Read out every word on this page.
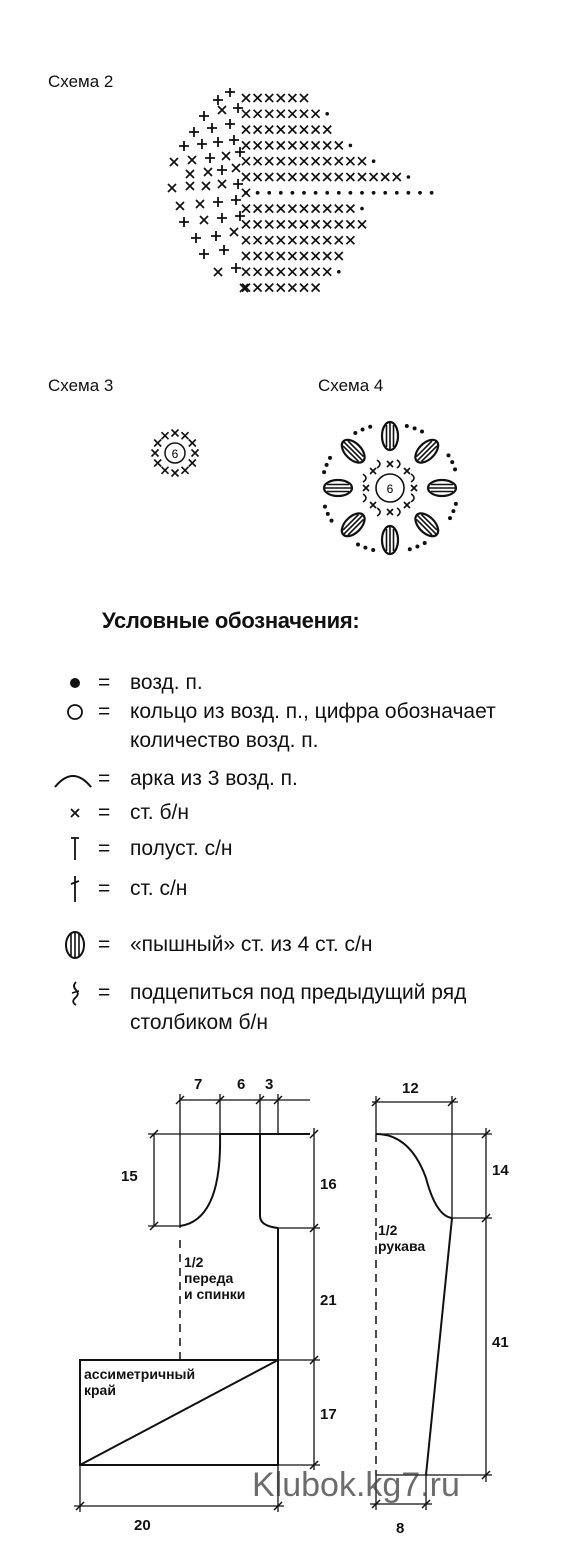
Схема 2
Схема 3	Схема 4
6
6
Условные обозначения:
= возд. п.
= кольцо из возд. п., цифра обозначает
количество возд. п.
= арка из 3 возд. п.
= ст. б/н
= полуст. с/н
= ст. с/н
= «пышный» ст. из 4 ст. с/н
= подцепиться под предыдущий ряд
столбиком б/н
7 6 3
15	16
21
17
20
1/2
переда
и спинки
ассиметричный
край
12
14
41
8
1/2
рукава
Klubok.kg7.ru
